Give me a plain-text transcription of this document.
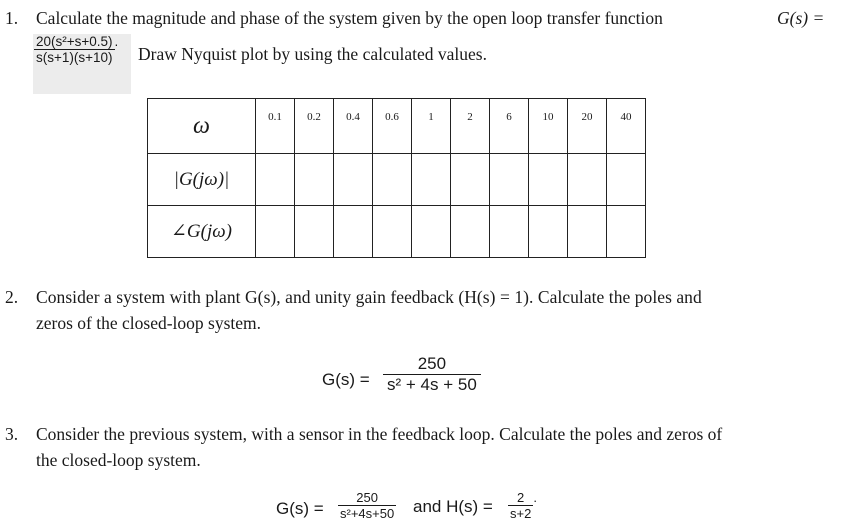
1. Calculate the magnitude and phase of the system given by the open loop transfer function	G(s) =
$\frac{\text{20(s²+s+0.5)}}{s(s+1)(s+10)}$ .
Draw Nyquist plot by using the calculated values.
ω	0.1	0.2	0.4	0.6	1	2	6	10	20	40
|G(jω)|										
∠G(jω)										
2. Consider a system with plant G(s), and unity gain feedback (H(s) = 1). Calculate the poles and
zeros of the closed-loop system.
$G(s) = \frac{250}{\text{s² + 4s + 50}}$
3. Consider the previous system, with a sensor in the feedback loop. Calculate the poles and zeros of
the closed-loop system.
$G(s) = \frac{250}{\text{s²+4s+50}}$ and $H(s) = \frac{2}{s+2}$ .
